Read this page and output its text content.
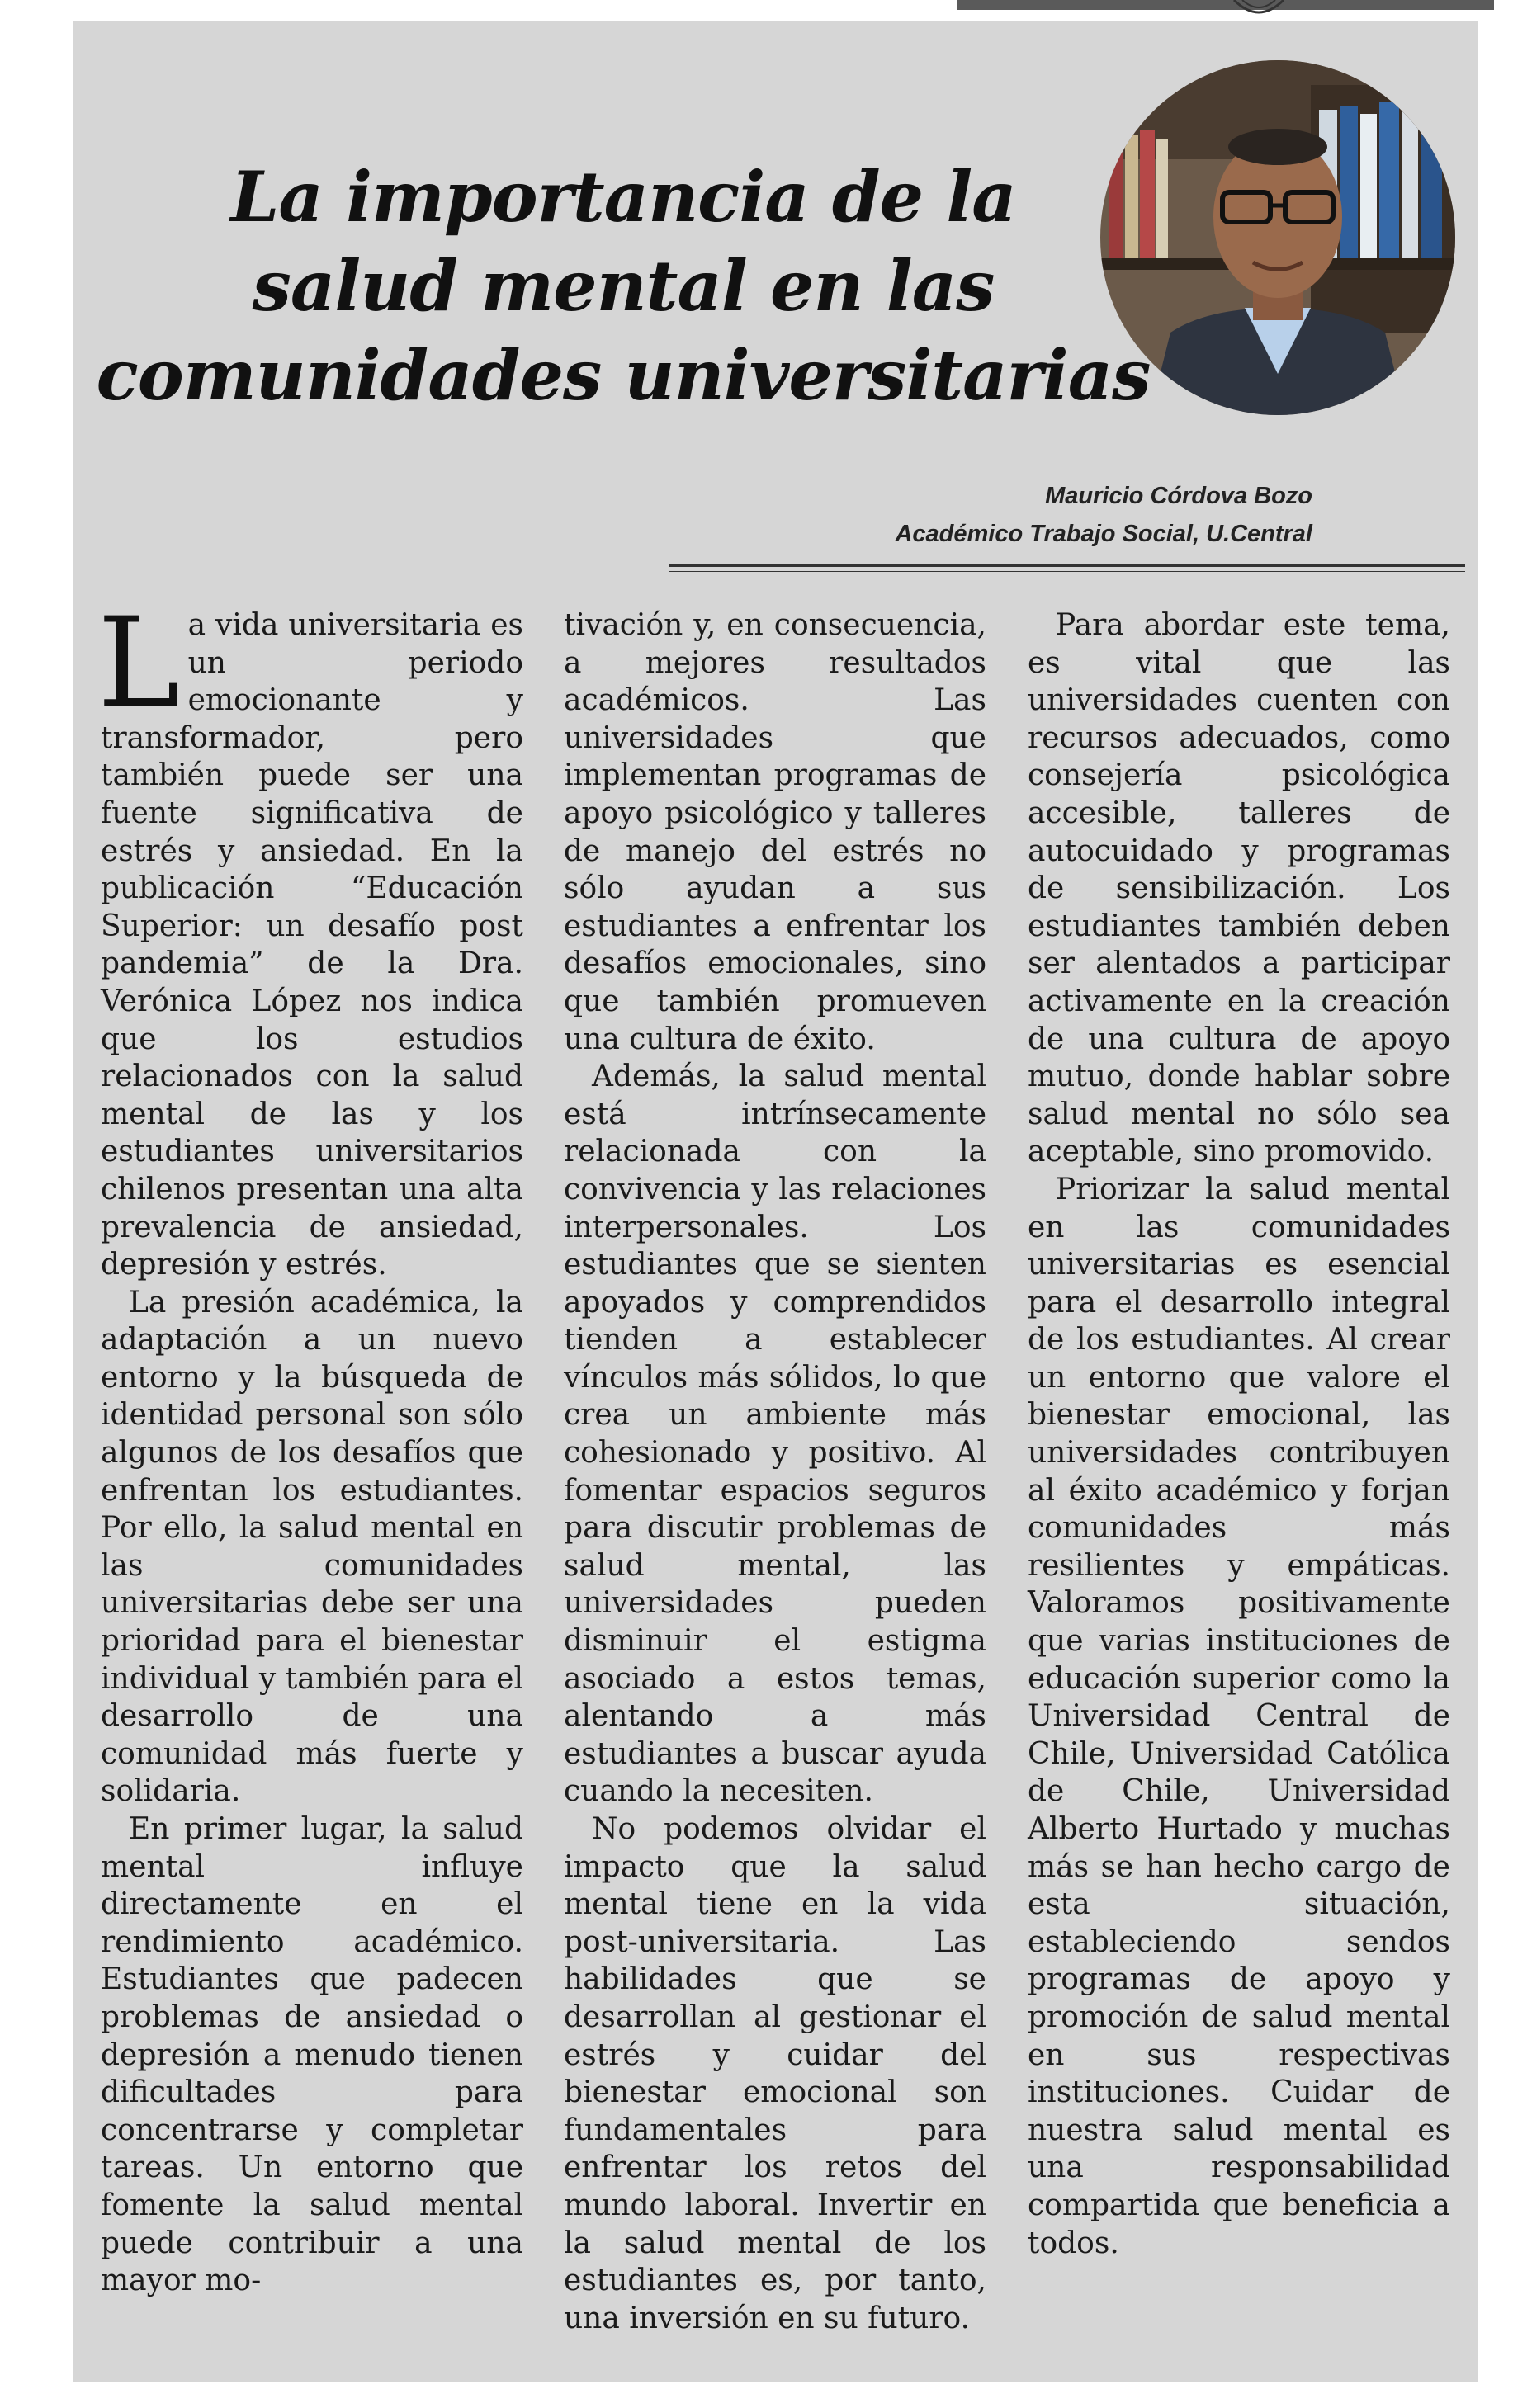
La importancia de la
salud mental en las
comunidades universitarias
Mauricio Córdova Bozo
Académico Trabajo Social, U.Central

La vida universitaria es un periodo emocionante y transformador, pero también puede ser una fuente significativa de estrés y ansiedad. En la publicación “Educación Superior: un desafío post pandemia” de la Dra. Verónica López nos indica que los estudios relacionados con la salud mental de las y los estudiantes universitarios chilenos presentan una alta prevalencia de ansiedad, depresión y estrés.

La presión académica, la adaptación a un nuevo entorno y la búsqueda de identidad personal son sólo algunos de los desafíos que enfrentan los estudiantes. Por ello, la salud mental en las comunidades universitarias debe ser una prioridad para el bienestar individual y también para el desarrollo de una comunidad más fuerte y solidaria.

En primer lugar, la salud mental influye directamente en el rendimiento académico. Estudiantes que padecen problemas de ansiedad o depresión a menudo tienen dificultades para concentrarse y completar tareas. Un entorno que fomente la salud mental puede contribuir a una mayor mo-

tivación y, en consecuencia, a mejores resultados académicos. Las universidades que implementan programas de apoyo psicológico y talleres de manejo del estrés no sólo ayudan a sus estudiantes a enfrentar los desafíos emocionales, sino que también promueven una cultura de éxito.

Además, la salud mental está intrínsecamente relacionada con la convivencia y las relaciones interpersonales. Los estudiantes que se sienten apoyados y comprendidos tienden a establecer vínculos más sólidos, lo que crea un ambiente más cohesionado y positivo. Al fomentar espacios seguros para discutir problemas de salud mental, las universidades pueden disminuir el estigma asociado a estos temas, alentando a más estudiantes a buscar ayuda cuando la necesiten.

No podemos olvidar el impacto que la salud mental tiene en la vida post-universitaria. Las habilidades que se desarrollan al gestionar el estrés y cuidar del bienestar emocional son fundamentales para enfrentar los retos del mundo laboral. Invertir en la salud mental de los estudiantes es, por tanto, una inversión en su futuro.

Para abordar este tema, es vital que las universidades cuenten con recursos adecuados, como consejería psicológica accesible, talleres de autocuidado y programas de sensibilización. Los estudiantes también deben ser alentados a participar activamente en la creación de una cultura de apoyo mutuo, donde hablar sobre salud mental no sólo sea aceptable, sino promovido.

Priorizar la salud mental en las comunidades universitarias es esencial para el desarrollo integral de los estudiantes. Al crear un entorno que valore el bienestar emocional, las universidades contribuyen al éxito académico y forjan comunidades más resilientes y empáticas. Valoramos positivamente que varias instituciones de educación superior como la Universidad Central de Chile, Universidad Católica de Chile, Universidad Alberto Hurtado y muchas más se han hecho cargo de esta situación, estableciendo sendos programas de apoyo y promoción de salud mental en sus respectivas instituciones. Cuidar de nuestra salud mental es una responsabilidad compartida que beneficia a todos.
